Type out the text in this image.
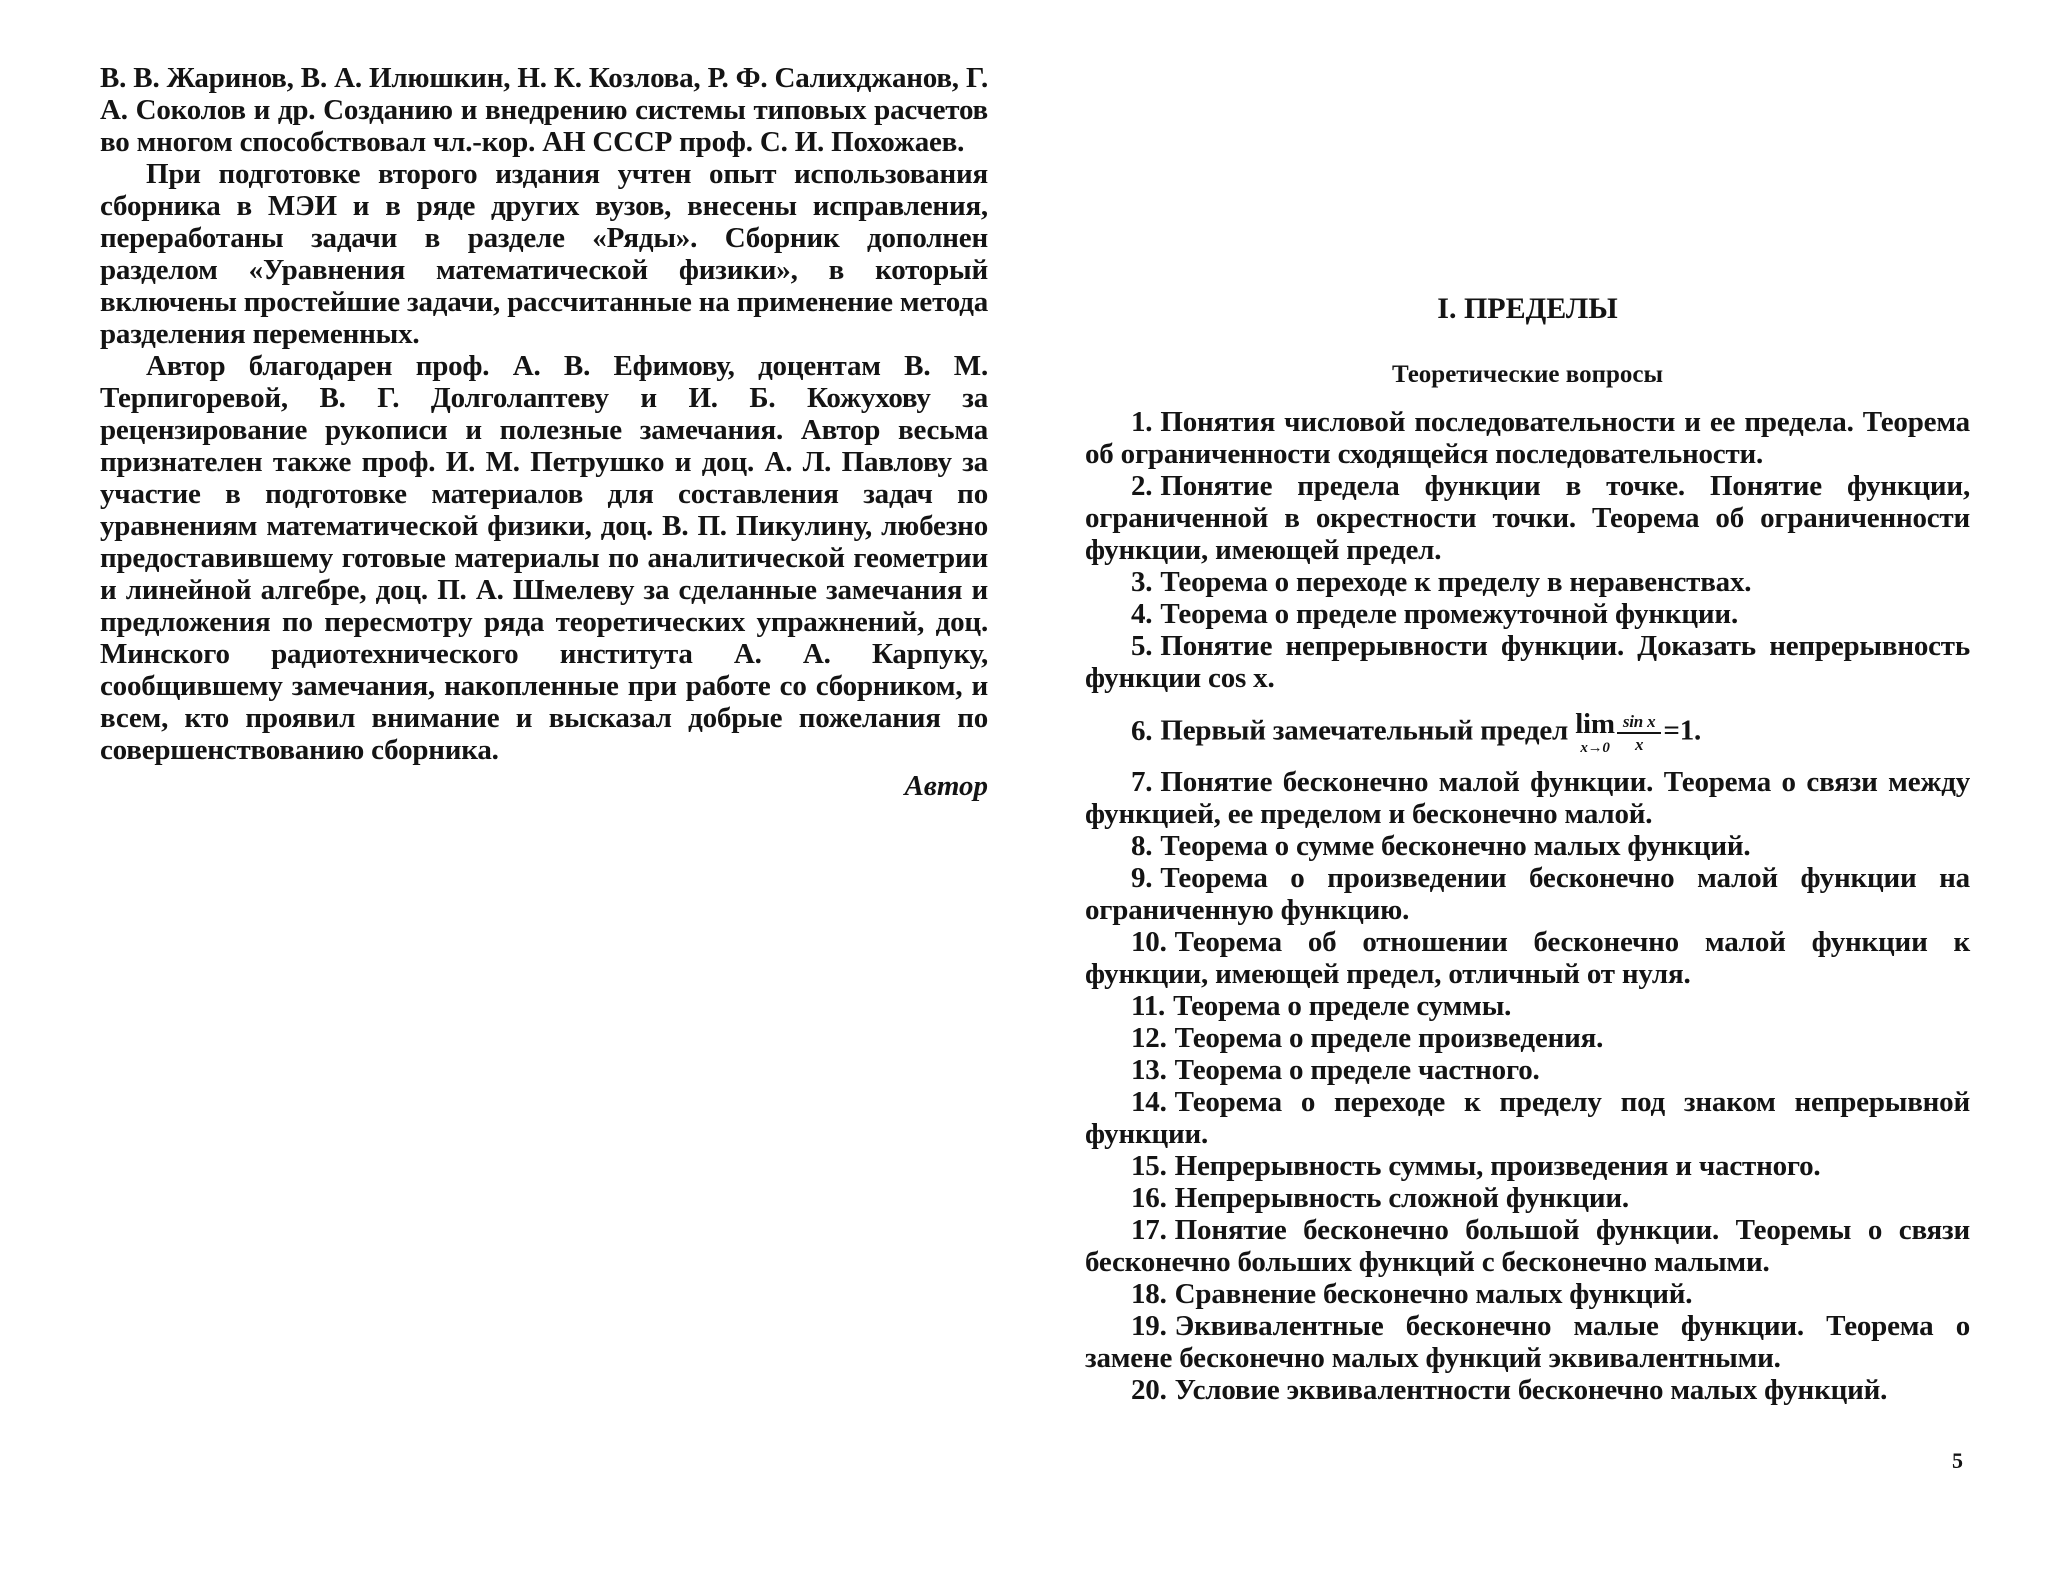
В. В. Жаринов, В. А. Илюшкин, Н. К. Козлова, Р. Ф. Салихджанов, Г. А. Соколов и др. Созданию и внедрению системы типовых расчетов во многом способствовал чл.-кор. АН СССР проф. С. И. Похожаев.

При подготовке второго издания учтен опыт использования сборника в МЭИ и в ряде других вузов, внесены исправления, переработаны задачи в разделе «Ряды». Сборник дополнен разделом «Уравнения математической физики», в который включены простейшие задачи, рассчитанные на применение метода разделения переменных.

Автор благодарен проф. А. В. Ефимову, доцентам В. М. Терпигоревой, В. Г. Долголаптеву и И. Б. Кожухову за рецензирование рукописи и полезные замечания. Автор весьма признателен также проф. И. М. Петрушко и доц. А. Л. Павлову за участие в подготовке материалов для составления задач по уравнениям математической физики, доц. В. П. Пикулину, любезно предоставившему готовые материалы по аналитической геометрии и линейной алгебре, доц. П. А. Шмелеву за сделанные замечания и предложения по пересмотру ряда теоретических упражнений, доц. Минского радиотехнического института А. А. Карпуку, сообщившему замечания, накопленные при работе со сборником, и всем, кто проявил внимание и высказал добрые пожелания по совершенствованию сборника.

Автор

I. ПРЕДЕЛЫ
Теоретические вопросы
1. Понятия числовой последовательности и ее предела. Теорема об ограниченности сходящейся последовательности.
2. Понятие предела функции в точке. Понятие функции, ограниченной в окрестности точки. Теорема об ограниченности функции, имеющей предел.
3. Теорема о переходе к пределу в неравенствах.
4. Теорема о пределе промежуточной функции.
5. Понятие непрерывности функции. Доказать непрерывность функции cos x.
6. Первый замечательный предел lim
$x\to 0 \frac{\text{sin x}}{x} =1$.
7. Понятие бесконечно малой функции. Теорема о связи между функцией, ее пределом и бесконечно малой.
8. Теорема о сумме бесконечно малых функций.
9. Теорема о произведении бесконечно малой функции на ограниченную функцию.
10. Теорема об отношении бесконечно малой функции к функции, имеющей предел, отличный от нуля.
11. Теорема о пределе суммы.
12. Теорема о пределе произведения.
13. Теорема о пределе частного.
14. Теорема о переходе к пределу под знаком непрерывной функции.
15. Непрерывность суммы, произведения и частного.
16. Непрерывность сложной функции.
17. Понятие бесконечно большой функции. Теоремы о связи бесконечно больших функций с бесконечно малыми.
18. Сравнение бесконечно малых функций.
19. Эквивалентные бесконечно малые функции. Теорема о замене бесконечно малых функций эквивалентными.
20. Условие эквивалентности бесконечно малых функций.
5
